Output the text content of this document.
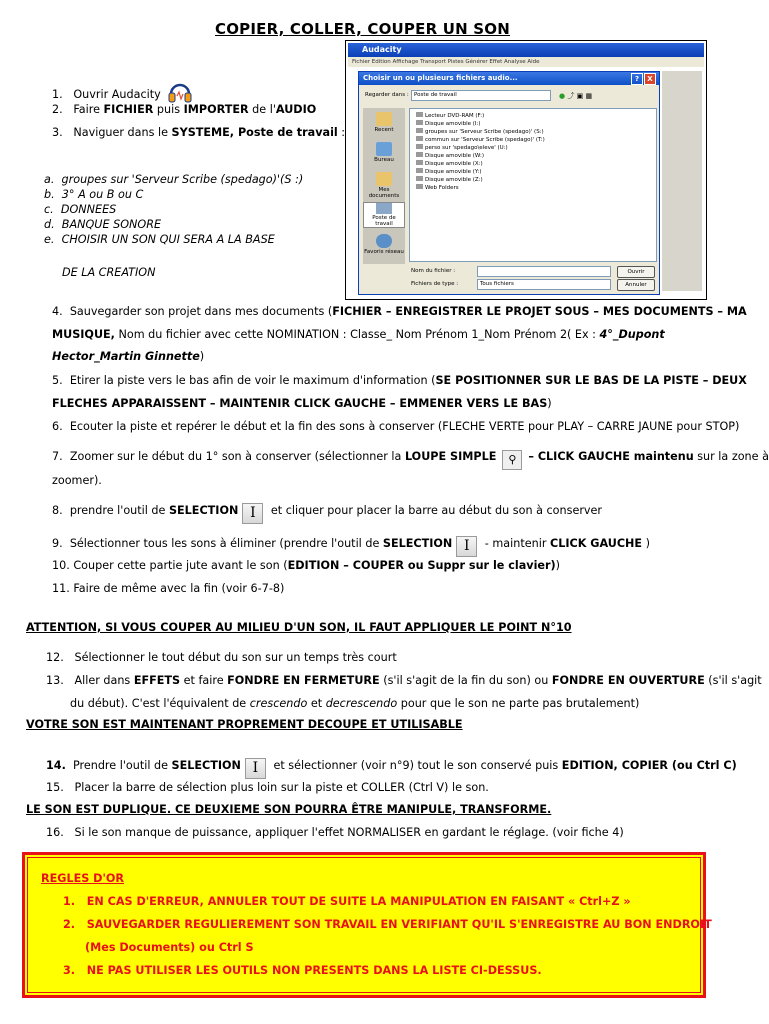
COPIER, COLLER, COUPER UN SON
1. Ouvrir Audacity
2. Faire FICHIER puis IMPORTER de l'AUDIO
3. Naviguer dans le SYSTEME, Poste de travail :
a. groupes sur 'Serveur Scribe (spedago)'(S :)
b. 3° A ou B ou C
c. DONNEES
d. BANQUE SONORE
e. CHOISIR UN SON QUI SERA A LA BASE
DE LA CREATION
Audacity
Fichier Edition Affichage Transport Pistes Générer Effet Analyse Aide
Choisir un ou plusieurs fichiers audio...	?	X
Regarder dans : Poste de travail	● ⤴ ▣ ▦
Recent
Bureau
Mes documents
Poste de travail
Favoris réseau
Lecteur DVD-RAM (F:)
Disque amovible (I:)
groupes sur 'Serveur Scribe (spedago)' (S:)
commun sur 'Serveur Scribe (spedago)' (T:)
perso sur 'spedago\eleve' (U:)
Disque amovible (W:)
Disque amovible (X:)
Disque amovible (Y:)
Disque amovible (Z:)
Web Folders
Nom du fichier :
Fichiers de type :	Tous fichiers
Ouvrir
Annuler
4. Sauvegarder son projet dans mes documents (FICHIER – ENREGISTRER LE PROJET SOUS – MES DOCUMENTS – MA
MUSIQUE, Nom du fichier avec cette NOMINATION : Classe_ Nom Prénom 1_Nom Prénom 2 ( Ex : 4°_Dupont
Hector_Martin Ginnette)
5. Etirer la piste vers le bas afin de voir le maximum d'information (SE POSITIONNER SUR LE BAS DE LA PISTE – DEUX
FLECHES APPARAISSENT – MAINTENIR CLICK GAUCHE – EMMENER VERS LE BAS)
6. Ecouter la piste et repérer le début et la fin des sons à conserver (FLECHE VERTE pour PLAY – CARRE JAUNE pour STOP)
7. Zoomer sur le début du 1° son à conserver (sélectionner la LOUPE SIMPLE ⚲ – CLICK GAUCHE maintenu sur la zone à
zoomer).
8. prendre l'outil de SELECTION I et cliquer pour placer la barre au début du son à conserver
9. Sélectionner tous les sons à éliminer (prendre l'outil de SELECTION I - maintenir CLICK GAUCHE )
10. Couper cette partie jute avant le son (EDITION – COUPER ou Suppr sur le clavier))
11. Faire de même avec la fin (voir 6-7-8)
ATTENTION, SI VOUS COUPER AU MILIEU D'UN SON, IL FAUT APPLIQUER LE POINT N°10
12. Sélectionner le tout début du son sur un temps très court
13. Aller dans EFFETS et faire FONDRE EN FERMETURE (s'il s'agit de la fin du son) ou FONDRE EN OUVERTURE (s'il s'agit
du début). C'est l'équivalent de crescendo et decrescendo pour que le son ne parte pas brutalement)
VOTRE SON EST MAINTENANT PROPREMENT DECOUPE ET UTILISABLE
14. Prendre l'outil de SELECTION I et sélectionner (voir n°9) tout le son conservé puis EDITION, COPIER (ou Ctrl C)
15. Placer la barre de sélection plus loin sur la piste et COLLER (Ctrl V) le son.
LE SON EST DUPLIQUE. CE DEUXIEME SON POURRA ÊTRE MANIPULE, TRANSFORME.
16. Si le son manque de puissance, appliquer l'effet NORMALISER en gardant le réglage. (voir fiche 4)
REGLES D'OR
1. EN CAS D'ERREUR, ANNULER TOUT DE SUITE LA MANIPULATION EN FAISANT « Ctrl+Z »
2. SAUVEGARDER REGULIEREMENT SON TRAVAIL EN VERIFIANT QU'IL S'ENREGISTRE AU BON ENDROIT
(Mes Documents) ou Ctrl S
3. NE PAS UTILISER LES OUTILS NON PRESENTS DANS LA LISTE CI-DESSUS.
